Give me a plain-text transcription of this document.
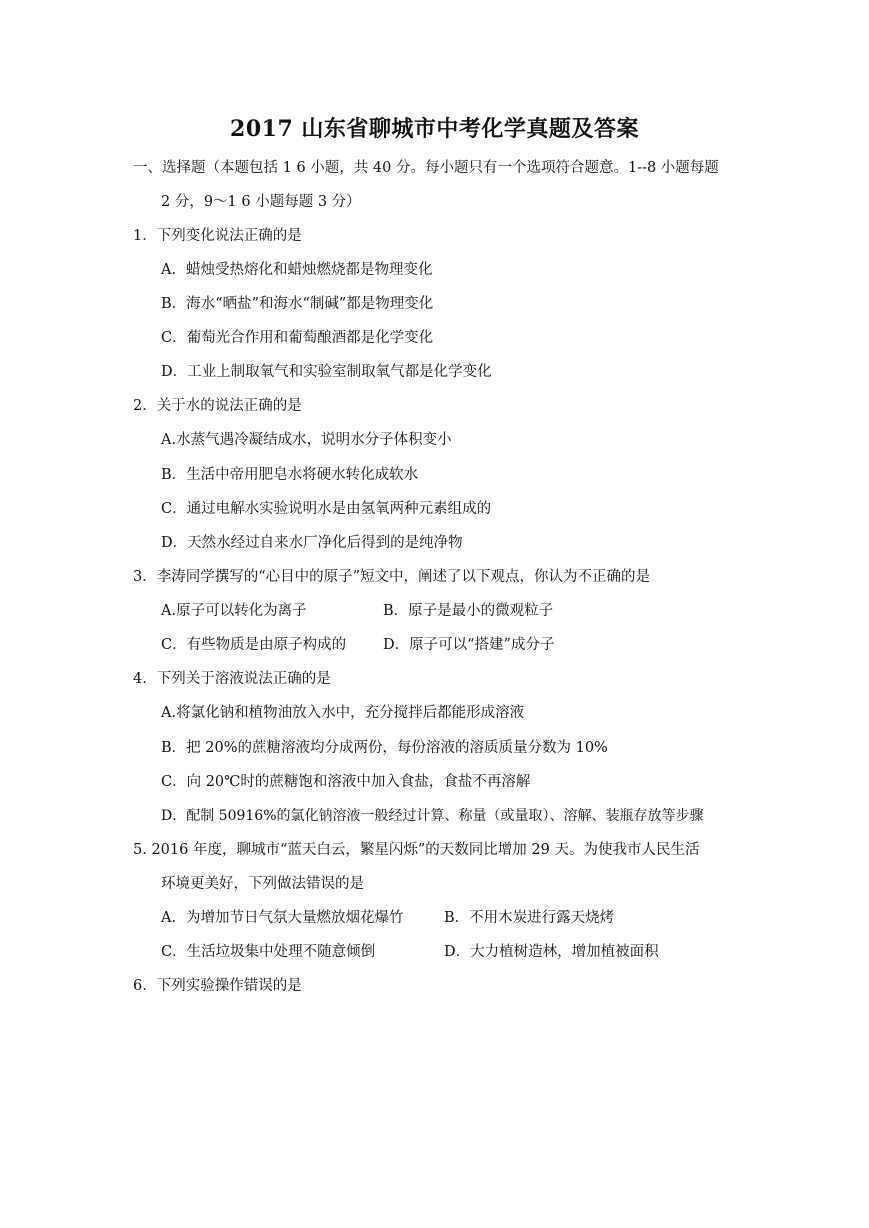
2017 山东省聊城市中考化学真题及答案
一、选择题（本题包括 1 6 小题，共 40 分。每小题只有一个选项符合题意。1--8 小题每题
2 分，9～1 6 小题每题 3 分）
1．下列变化说法正确的是
A．蜡烛受热熔化和蜡烛燃烧都是物理变化
B．海水“晒盐”和海水“制碱”都是物理变化
C．葡萄光合作用和葡萄酿酒都是化学变化
D．工业上制取氧气和实验室制取氧气都是化学变化
2．关于水的说法正确的是
A.水蒸气遇冷凝结成水，说明水分子体积变小
B．生活中帝用肥皂水将硬水转化成软水
C．通过电解水实验说明水是由氢氧两种元素组成的
D．天然水经过自来水厂净化后得到的是纯净物
3．李涛同学撰写的“心目中的原子”短文中，阐述了以下观点，你认为不正确的是
A.原子可以转化为离子	B．原子是最小的微观粒子
C．有些物质是由原子构成的	D．原子可以“搭建”成分子
4．下列关于溶液说法正确的是
A.将氯化钠和植物油放入水中，充分搅拌后都能形成溶液
B．把 20%的蔗糖溶液均分成两份，每份溶液的溶质质量分数为 10%
C．向 20℃时的蔗糖饱和溶液中加入食盐，食盐不再溶解
D．配制 50916%的氯化钠溶液一般经过计算、称量（或量取）、溶解、装瓶存放等步骤
5. 2016 年度，聊城市“蓝天白云，繁星闪烁”的天数同比增加 29 天。为使我市人民生活
环境更美好，下列做法错误的是
A．为增加节日气氛大量燃放烟花爆竹	B．不用木炭进行露天烧烤
C．生活垃圾集中处理不随意倾倒	D．大力植树造林，增加植被面积
6．下列实验操作错误的是
